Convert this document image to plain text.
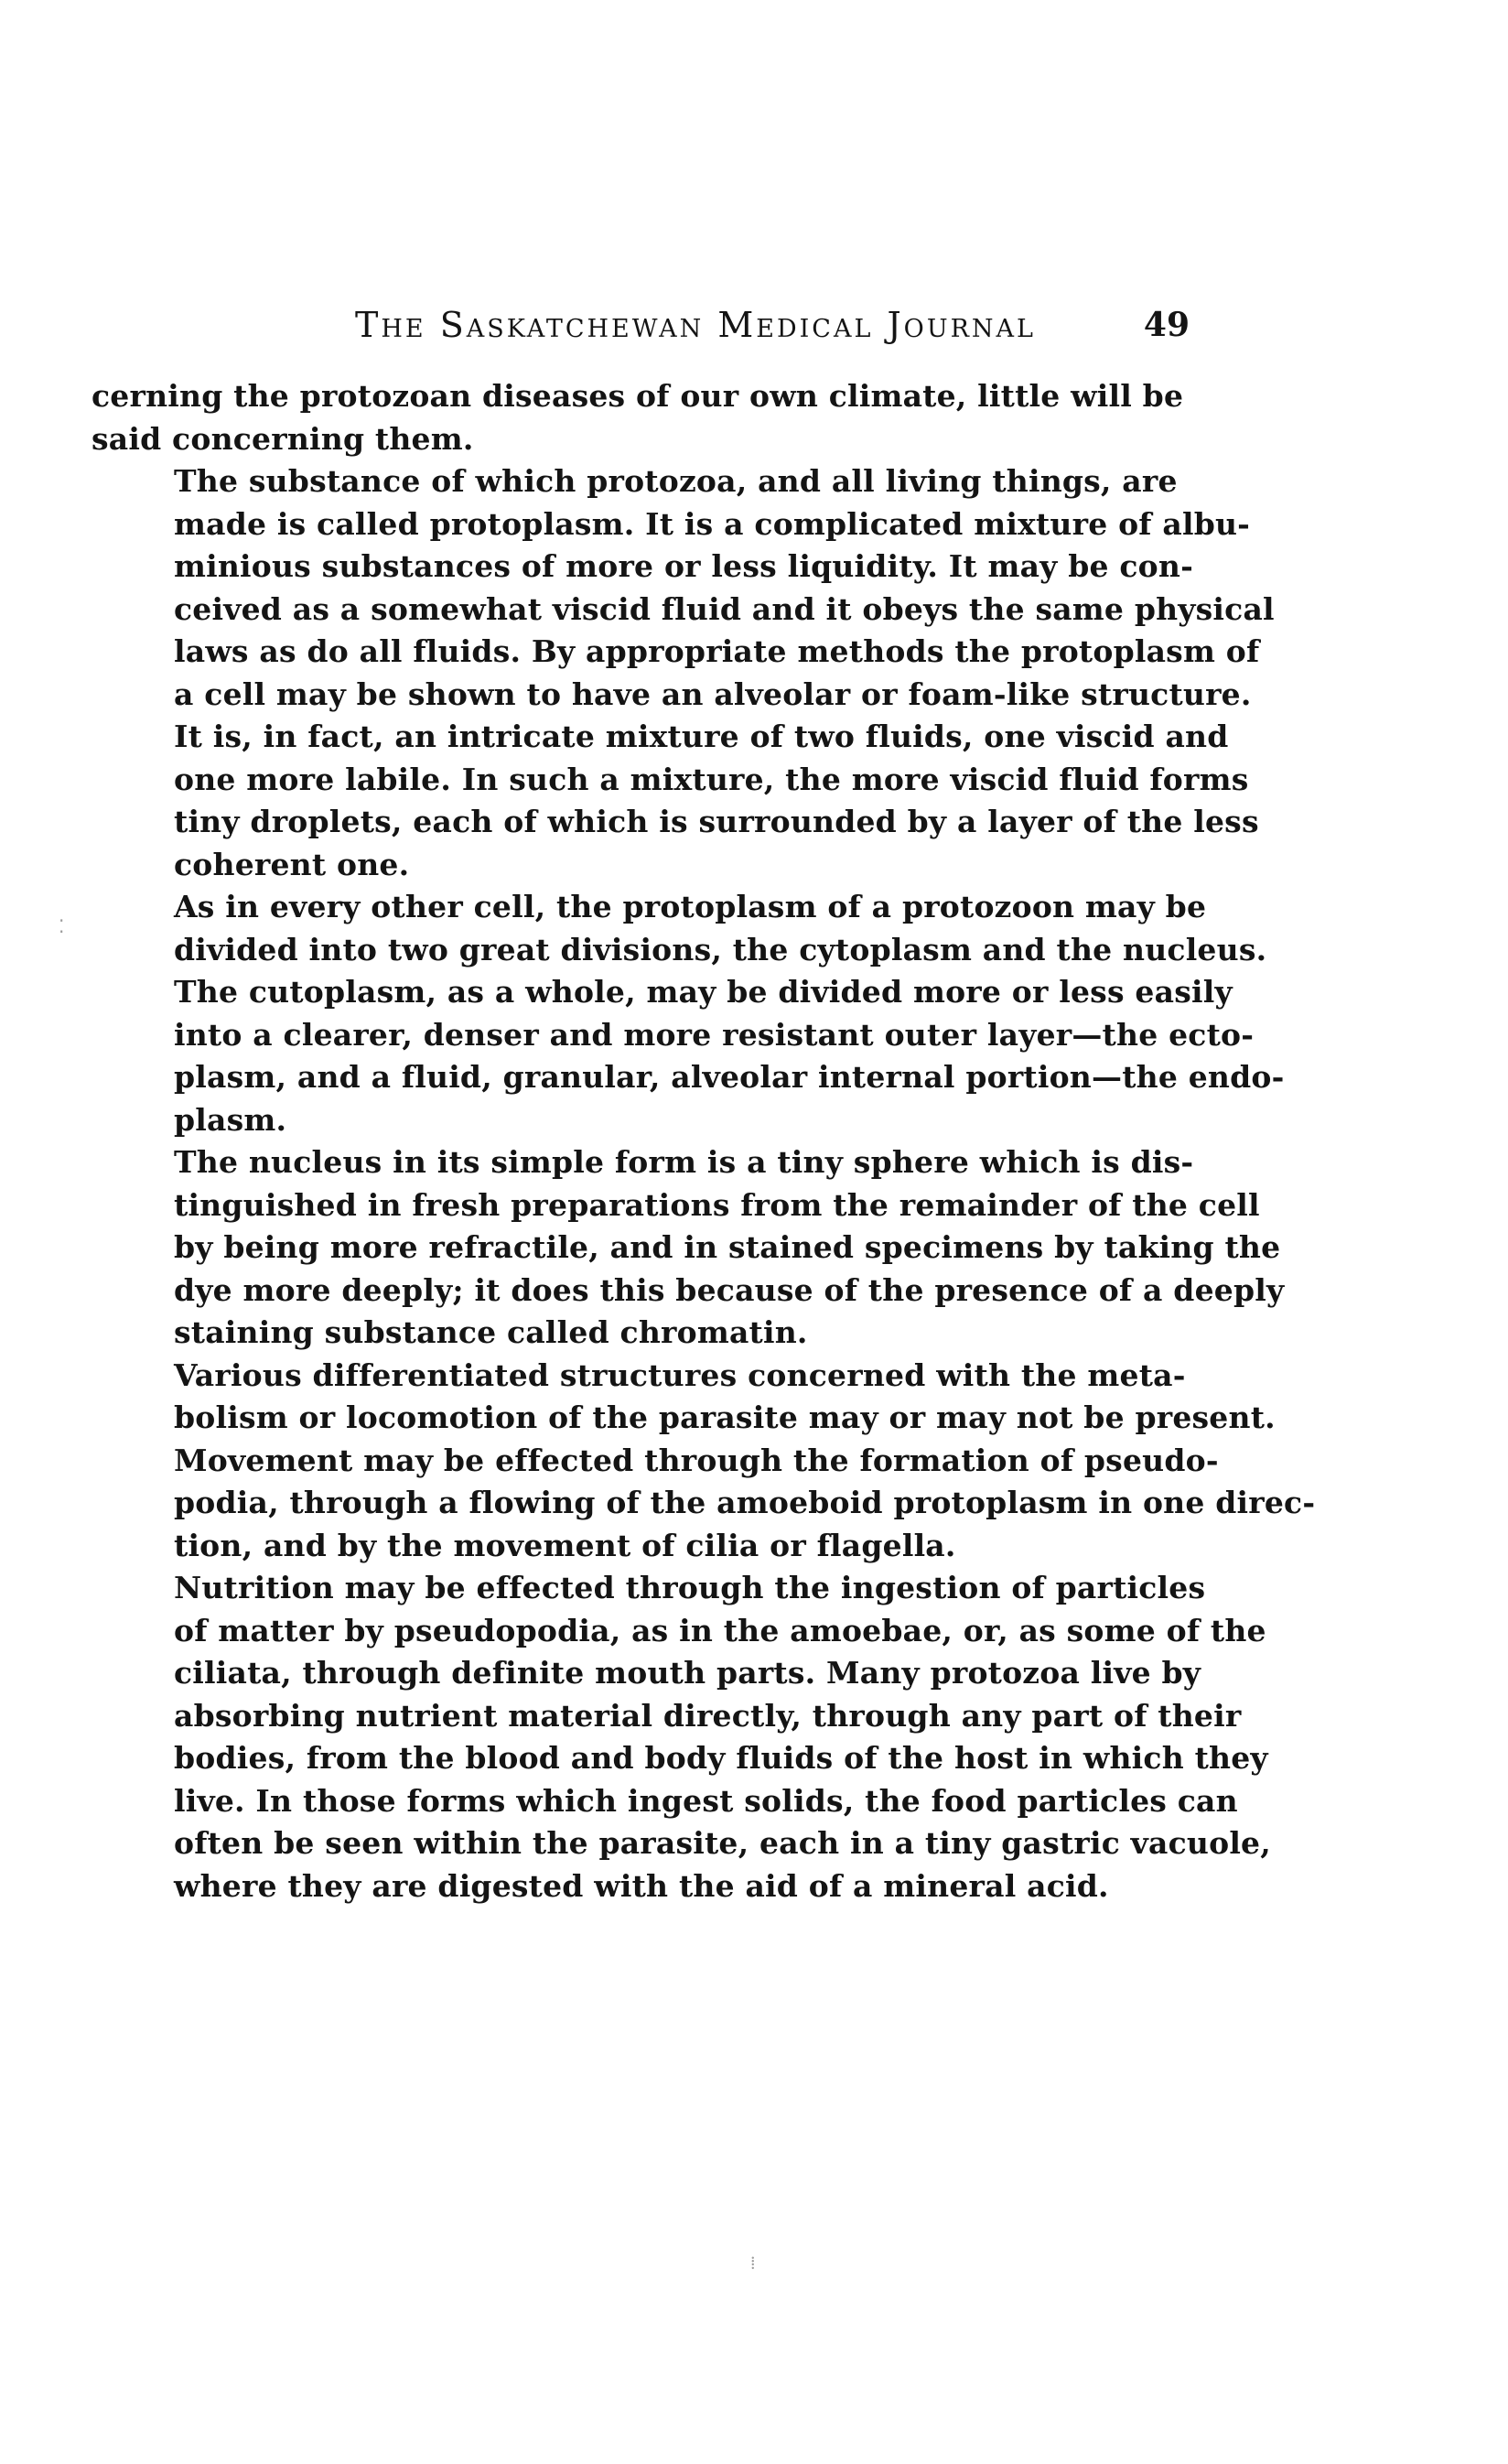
The Saskatchewan Medical Journal	49

cerning the protozoan diseases of our own climate, little will be
said concerning them.

The substance of which protozoa, and all living things, are
made is called protoplasm. It is a complicated mixture of albu-
minious substances of more or less liquidity. It may be con-
ceived as a somewhat viscid fluid and it obeys the same physical
laws as do all fluids. By appropriate methods the protoplasm of
a cell may be shown to have an alveolar or foam-like structure.
It is, in fact, an intricate mixture of two fluids, one viscid and
one more labile. In such a mixture, the more viscid fluid forms
tiny droplets, each of which is surrounded by a layer of the less
coherent one.

As in every other cell, the protoplasm of a protozoon may be
divided into two great divisions, the cytoplasm and the nucleus.
The cutoplasm, as a whole, may be divided more or less easily
into a clearer, denser and more resistant outer layer—the ecto-
plasm, and a fluid, granular, alveolar internal portion—the endo-
plasm.

The nucleus in its simple form is a tiny sphere which is dis-
tinguished in fresh preparations from the remainder of the cell
by being more refractile, and in stained specimens by taking the
dye more deeply; it does this because of the presence of a deeply
staining substance called chromatin.

Various differentiated structures concerned with the meta-
bolism or locomotion of the parasite may or may not be present.

Movement may be effected through the formation of pseudo-
podia, through a flowing of the amoeboid protoplasm in one direc-
tion, and by the movement of cilia or flagella.

Nutrition may be effected through the ingestion of particles
of matter by pseudopodia, as in the amoebae, or, as some of the
ciliata, through definite mouth parts. Many protozoa live by
absorbing nutrient material directly, through any part of their
bodies, from the blood and body fluids of the host in which they
live. In those forms which ingest solids, the food particles can
often be seen within the parasite, each in a tiny gastric vacuole,
where they are digested with the aid of a mineral acid.

⁚
⁞
